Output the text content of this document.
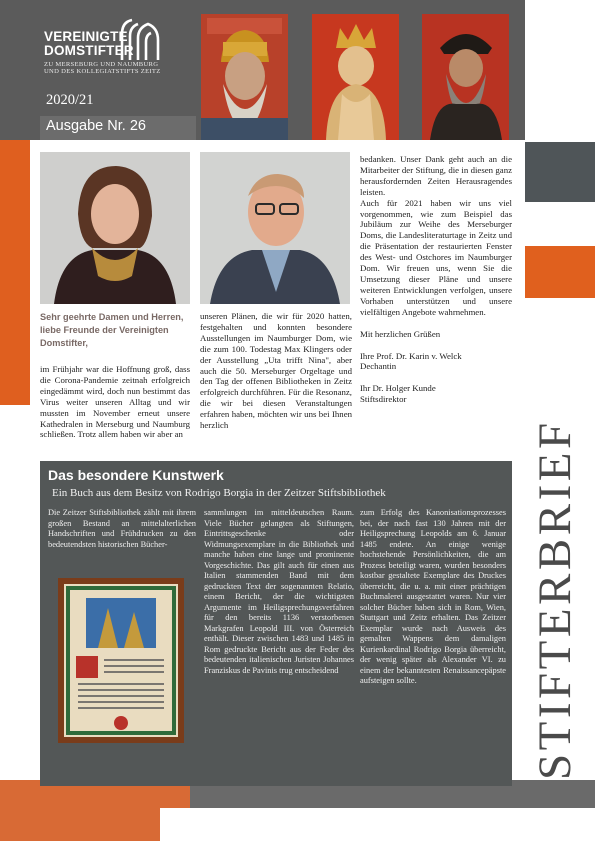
VEREINIGTE
DOMSTIFTER
ZU MERSEBURG UND NAUMBURG
UND DES KOLLEGIATSTIFTS ZEITZ
2020/21
Ausgabe Nr. 26
Sehr geehrte Damen und Herren, liebe Freunde der Vereinigten Domstifter,

im Frühjahr war die Hoffnung groß, dass die Corona-Pandemie zeitnah erfolgreich eingedämmt wird, doch nun bestimmt das Virus weiter unseren Alltag und wir mussten im November erneut unsere Kathedralen in Merseburg und Naumburg schließen. Trotz allem haben wir aber an

unseren Plänen, die wir für 2020 hatten, festgehalten und konnten besondere Ausstellungen im Naumburger Dom, wie die zum 100. Todestag Max Klingers oder der Ausstellung „Uta trifft Nina", aber auch die 50. Merseburger Orgeltage und den Tag der offenen Bibliotheken in Zeitz erfolgreich durchführen. Für die Resonanz, die wir bei diesen Veranstaltungen erfahren haben, möchten wir uns bei Ihnen herzlich

bedanken. Unser Dank geht auch an die Mitarbeiter der Stiftung, die in diesen ganz herausfordernden Zeiten Herausragendes leisten.

Auch für 2021 haben wir uns viel vorgenommen, wie zum Beispiel das Jubiläum zur Weihe des Merseburger Doms, die Landesliteraturtage in Zeitz und die Präsentation der restaurierten Fenster des West- und Ostchores im Naumburger Dom. Wir freuen uns, wenn Sie die Umsetzung dieser Pläne und unsere weiteren Entwicklungen verfolgen, unsere Vorhaben unterstützen und unsere vielfältigen Angebote wahrnehmen.

Mit herzlichen Grüßen

Ihre Prof. Dr. Karin v. Welck

Dechantin

Ihr Dr. Holger Kunde

Stiftsdirektor

STIFTERBRIEF
Das besondere Kunstwerk
Ein Buch aus dem Besitz von Rodrigo Borgia in der Zeitzer Stiftsbibliothek

Die Zeitzer Stiftsbibliothek zählt mit ihrem großen Bestand an mittelalterlichen Handschriften und Frühdrucken zu den bedeutendsten historischen Bücher-

sammlungen im mitteldeutschen Raum. Viele Bücher gelangten als Stiftungen, Eintrittsgeschenke oder Widmungsexemplare in die Bibliothek und manche haben eine lange und prominente Vorgeschichte. Das gilt auch für einen aus Italien stammenden Band mit dem gedruckten Text der sogenannten Relatio, einem Bericht, der die wichtigsten Argumente im Heiligsprechungsverfahren für den bereits 1136 verstorbenen Markgrafen Leopold III. von Österreich enthält. Dieser zwischen 1483 und 1485 in Rom gedruckte Bericht aus der Feder des bedeutenden italienischen Juristen Johannes Franziskus de Pavinis trug entscheidend

zum Erfolg des Kanonisationsprozesses bei, der nach fast 130 Jahren mit der Heiligsprechung Leopolds am 6. Januar 1485 endete. An einige wenige hochstehende Persönlichkeiten, die am Prozess beteiligt waren, wurden besonders kostbar gestaltete Exemplare des Druckes überreicht, die u. a. mit einer prächtigen Buchmalerei ausgestattet waren. Nur vier solcher Bücher haben sich in Rom, Wien, Stuttgart und Zeitz erhalten. Das Zeitzer Exemplar wurde nach Ausweis des gemalten Wappens dem damaligen Kurienkardinal Rodrigo Borgia überreicht, der wenig später als Alexander VI. zu einem der bekanntesten Renaissancepäpste aufsteigen sollte.
